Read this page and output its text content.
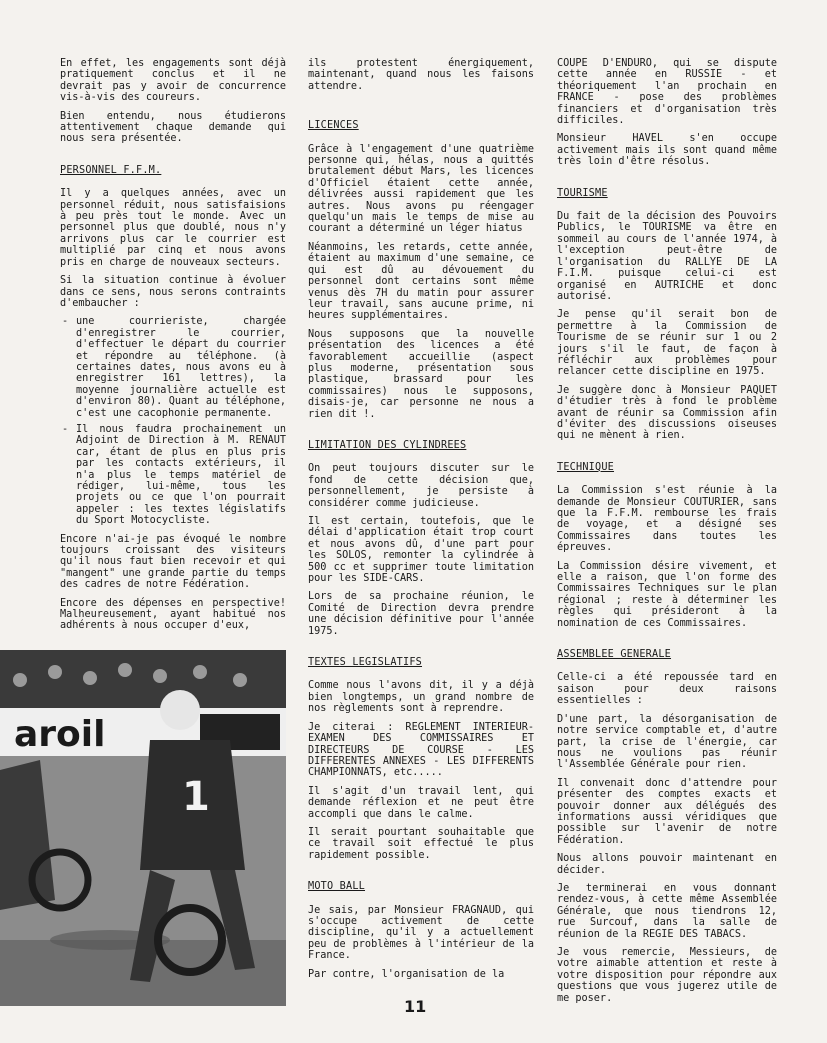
En effet, les engagements sont déjà pratiquement conclus et il ne devrait pas y avoir de concurrence vis-à-vis des coureurs.

Bien entendu, nous étudierons attentivement chaque demande qui nous sera présentée.

PERSONNEL F.F.M.

Il y a quelques années, avec un personnel réduit, nous satisfaisions à peu près tout le monde. Avec un personnel plus que doublé, nous n'y arrivons plus car le courrier est multiplié par cinq et nous avons pris en charge de nouveaux secteurs.

Si la situation continue à évoluer dans ce sens, nous serons contraints d'embaucher :

- une courrieriste, chargée d'enregistrer le courrier, d'effectuer le départ du courrier et répondre au téléphone. (à certaines dates, nous avons eu à enregistrer 161 lettres), la moyenne journalière actuelle est d'environ 80). Quant au téléphone, c'est une cacophonie permanente.
- Il nous faudra prochainement un Adjoint de Direction à M. RENAUT car, étant de plus en plus pris par les contacts extérieurs, il n'a plus le temps matériel de rédiger, lui-même, tous les projets ou ce que l'on pourrait appeler : les textes législatifs du Sport Motocycliste.

Encore n'ai-je pas évoqué le nombre toujours croissant des visiteurs qu'il nous faut bien recevoir et qui "mangent" une grande partie du temps des cadres de notre Fédération.

Encore des dépenses en perspective! Malheureusement, ayant habitué nos adhérents à nous occuper d'eux,

aroil
1

ils protestent énergiquement, maintenant, quand nous les faisons attendre.

LICENCES

Grâce à l'engagement d'une quatrième personne qui, hélas, nous a quittés brutalement début Mars, les licences d'Officiel étaient cette année, délivrées aussi rapidement que les autres. Nous avons pu réengager quelqu'un mais le temps de mise au courant a déterminé un léger hiatus

Néanmoins, les retards, cette année, étaient au maximum d'une semaine, ce qui est dû au dévouement du personnel dont certains sont même venus dès 7H du matin pour assurer leur travail, sans aucune prime, ni heures supplémentaires.

Nous supposons que la nouvelle présentation des licences a été favorablement accueillie (aspect plus moderne, présentation sous plastique, brassard pour les commissaires) nous le supposons, disais-je, car personne ne nous a rien dit !.

LIMITATION DES CYLINDREES

On peut toujours discuter sur le fond de cette décision que, personnellement, je persiste à considérer comme judicieuse.

Il est certain, toutefois, que le délai d'application était trop court et nous avons dû, d'une part pour les SOLOS, remonter la cylindrée à 500 cc et supprimer toute limitation pour les SIDE-CARS.

Lors de sa prochaine réunion, le Comité de Direction devra prendre une décision définitive pour l'année 1975.

TEXTES LEGISLATIFS

Comme nous l'avons dit, il y a déjà bien longtemps, un grand nombre de nos règlements sont à reprendre.

Je citerai : REGLEMENT INTERIEUR- EXAMEN DES COMMISSAIRES ET DIRECTEURS DE COURSE - LES DIFFERENTES ANNEXES - LES DIFFERENTS CHAMPIONNATS, etc.....

Il s'agit d'un travail lent, qui demande réflexion et ne peut être accompli que dans le calme.

Il serait pourtant souhaitable que ce travail soit effectué le plus rapidement possible.

MOTO BALL

Je sais, par Monsieur FRAGNAUD, qui s'occupe activement de cette discipline, qu'il y a actuellement peu de problèmes à l'intérieur de la France.

Par contre, l'organisation de la

COUPE D'ENDURO, qui se dispute cette année en RUSSIE - et théoriquement l'an prochain en FRANCE - pose des problèmes financiers et d'organisation très difficiles.

Monsieur HAVEL s'en occupe activement mais ils sont quand même très loin d'être résolus.

TOURISME

Du fait de la décision des Pouvoirs Publics, le TOURISME va être en sommeil au cours de l'année 1974, à l'exception peut-être de l'organisation du RALLYE DE LA F.I.M. puisque celui-ci est organisé en AUTRICHE et donc autorisé.

Je pense qu'il serait bon de permettre à la Commission de Tourisme de se réunir sur 1 ou 2 jours s'il le faut, de façon à réfléchir aux problèmes pour relancer cette discipline en 1975.

Je suggère donc à Monsieur PAQUET d'étudier très à fond le problème avant de réunir sa Commission afin d'éviter des discussions oiseuses qui ne mènent à rien.

TECHNIQUE

La Commission s'est réunie à la demande de Monsieur COUTURIER, sans que la F.F.M. rembourse les frais de voyage, et a désigné ses Commissaires dans toutes les épreuves.

La Commission désire vivement, et elle a raison, que l'on forme des Commissaires Techniques sur le plan régional ; reste à déterminer les règles qui présideront à la nomination de ces Commissaires.

ASSEMBLEE GENERALE

Celle-ci a été repoussée tard en saison pour deux raisons essentielles :

D'une part, la désorganisation de notre service comptable et, d'autre part, la crise de l'énergie, car nous ne voulions pas réunir l'Assemblée Générale pour rien.

Il convenait donc d'attendre pour présenter des comptes exacts et pouvoir donner aux délégués des informations aussi véridiques que possible sur l'avenir de notre Fédération.

Nous allons pouvoir maintenant en décider.

Je terminerai en vous donnant rendez-vous, à cette même Assemblée Générale, que nous tiendrons 12, rue Surcouf, dans la salle de réunion de la REGIE DES TABACS.

Je vous remercie, Messieurs, de votre aimable attention et reste à votre disposition pour répondre aux questions que vous jugerez utile de me poser.

11
